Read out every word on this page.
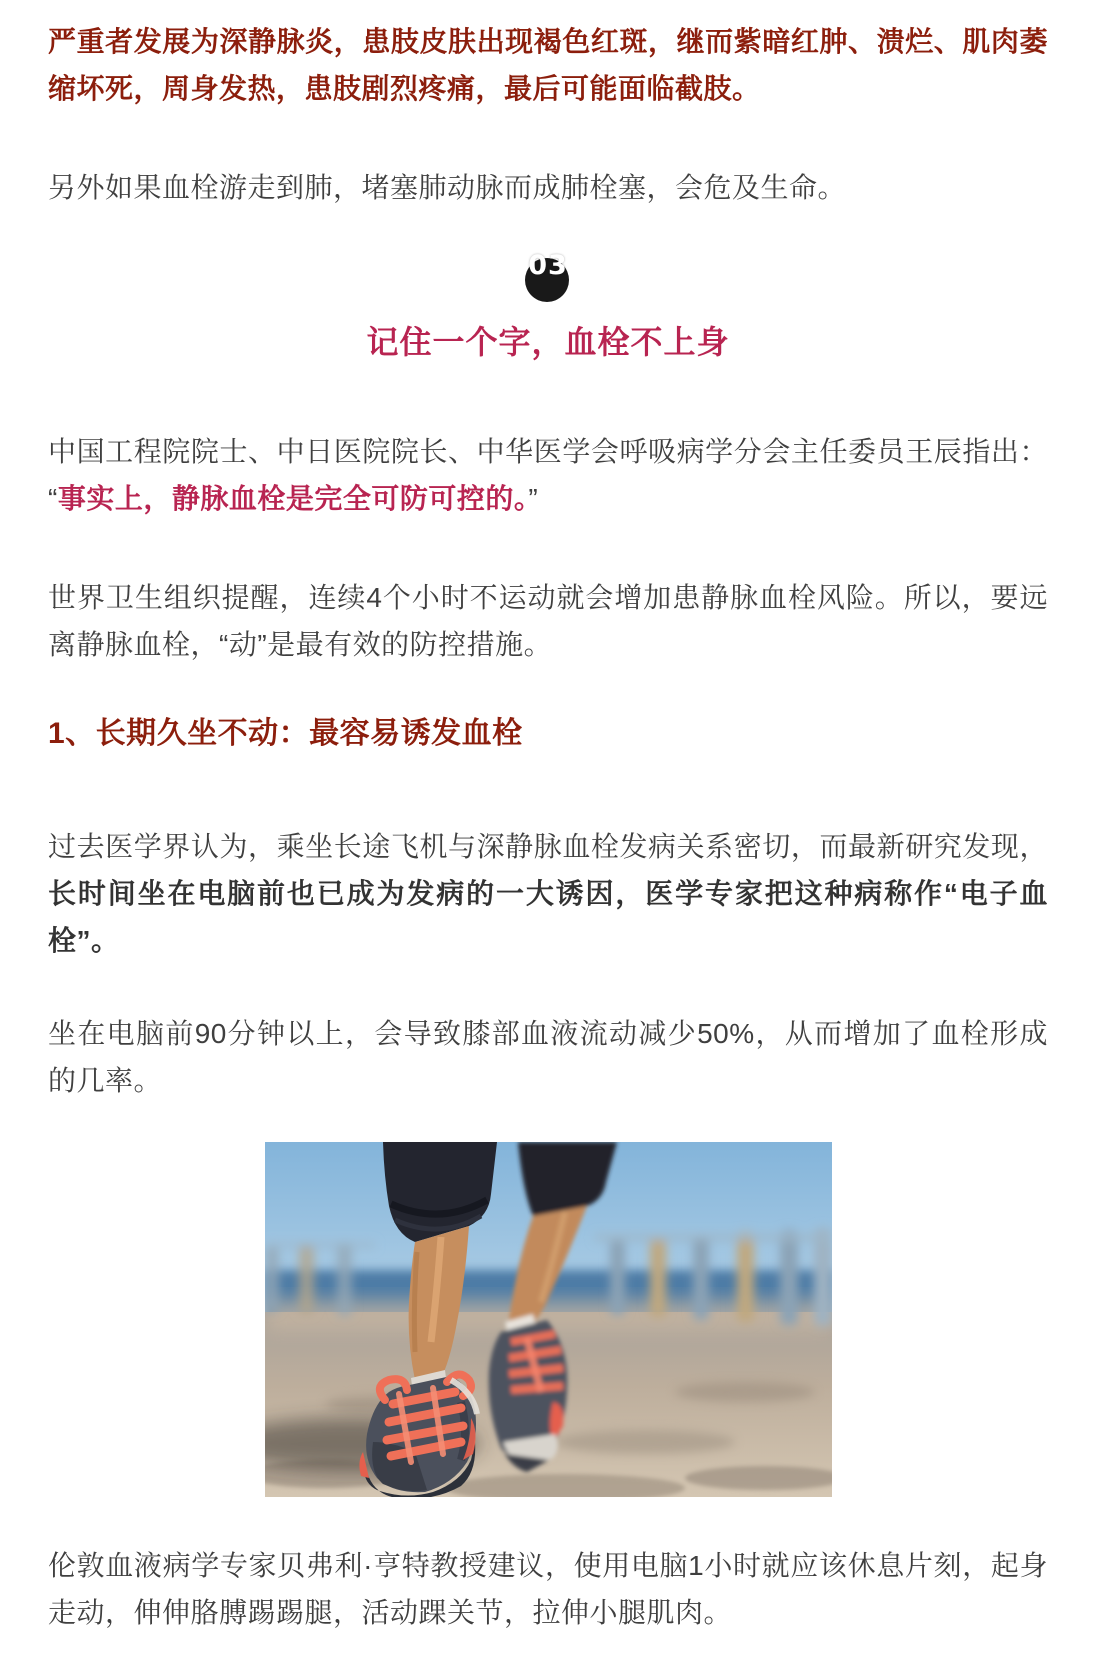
严重者发展为深静脉炎，患肢皮肤出现褐色红斑，继而紫暗红肿、溃烂、肌肉萎缩坏死，周身发热，患肢剧烈疼痛，最后可能面临截肢。

另外如果血栓游走到肺，堵塞肺动脉而成肺栓塞，会危及生命。

03
记住一个字，血栓不上身

中国工程院院士、中日医院院长、中华医学会呼吸病学分会主任委员王辰指出：“事实上，静脉血栓是完全可防可控的。”

世界卫生组织提醒，连续4个小时不运动就会增加患静脉血栓风险。所以，要远离静脉血栓，“动”是最有效的防控措施。

1、长期久坐不动：最容易诱发血栓

过去医学界认为，乘坐长途飞机与深静脉血栓发病关系密切，而最新研究发现，长时间坐在电脑前也已成为发病的一大诱因，医学专家把这种病称作“电子血栓”。

坐在电脑前90分钟以上，会导致膝部血液流动减少50%，从而增加了血栓形成的几率。

伦敦血液病学专家贝弗利·亨特教授建议，使用电脑1小时就应该休息片刻，起身走动，伸伸胳膊踢踢腿，活动踝关节，拉伸小腿肌肉。
